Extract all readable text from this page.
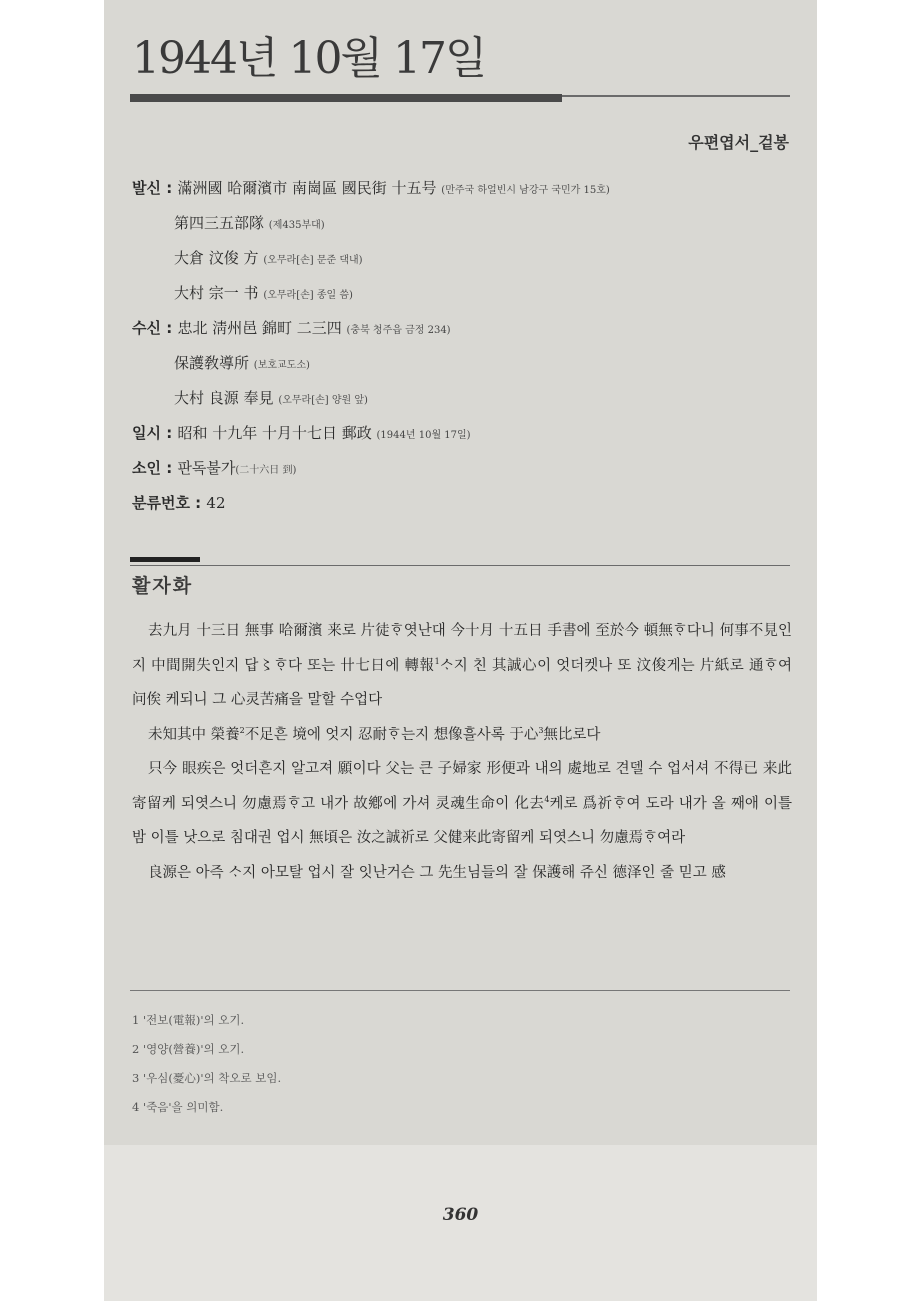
1944년 10월 17일
우편엽서_겉봉
발신 : 滿洲國 哈爾濱市 南崗區 國民街 十五号 (만주국 하얼빈시 남강구 국민가 15호)
第四三五部隊 (제435부대)
大倉 汶俊 方 (오무라[손] 문준 댁내)
大村 宗一 书 (오무라[손] 종일 씀)
수신 : 忠北 淸州邑 錦町 二三四 (충북 청주읍 금정 234)
保護敎導所 (보호교도소)
大村 良源 奉見 (오무라[손] 양원 앞)
일시 : 昭和 十九年 十月十七日 郵政 (1944년 10월 17일)
소인 : 판독불가(二十六日 到)
분류번호 : 42
활자화

去九月 十三日 無事 哈爾濱 来로 片徒ᄒᆞ엿난대 今十月 十五日 手書에 至於今 頓無ᄒᆞ다니 何事不見인지 中間開失인지 답〻ᄒᆞ다 또는 卄七日에 轉報$^1$ᄉᆞ지 친 其誠心이 엇더켓나 또 汶俊게는 片紙로 通ᄒᆞ여 问俟 케되니 그 心灵苦痛을 말할 수업다

未知其中 榮養$^2$不足흔 境에 엇지 忍耐ᄒᆞ는지 想像흘사록 于心$^3$無比로다

只今 眼疾은 엇더흔지 알고져 願이다 父는 큰 子婦家 形便과 내의 處地로 견델 수 업서셔 不得已 来此寄留케 되엿스니 勿慮焉ᄒᆞ고 내가 故鄕에 가셔 灵魂生命이 化去$^4$케로 爲祈ᄒᆞ여 도라 내가 올 째애 이틀 밤 이틀 낫으로 침대권 업시 無頃은 汝之誠祈로 父健来此寄留케 되엿스니 勿慮焉ᄒᆞ여라

良源은 아즉 ᄉᆞ지 아모탈 업시 잘 잇난거슨 그 先生님들의 잘 保護해 쥬신 德泽인 줄 믿고 感

1 '전보(電報)'의 오기.
2 '영양(營養)'의 오기.
3 '우심(憂心)'의 착오로 보임.
4 '죽음'을 의미함.
360
